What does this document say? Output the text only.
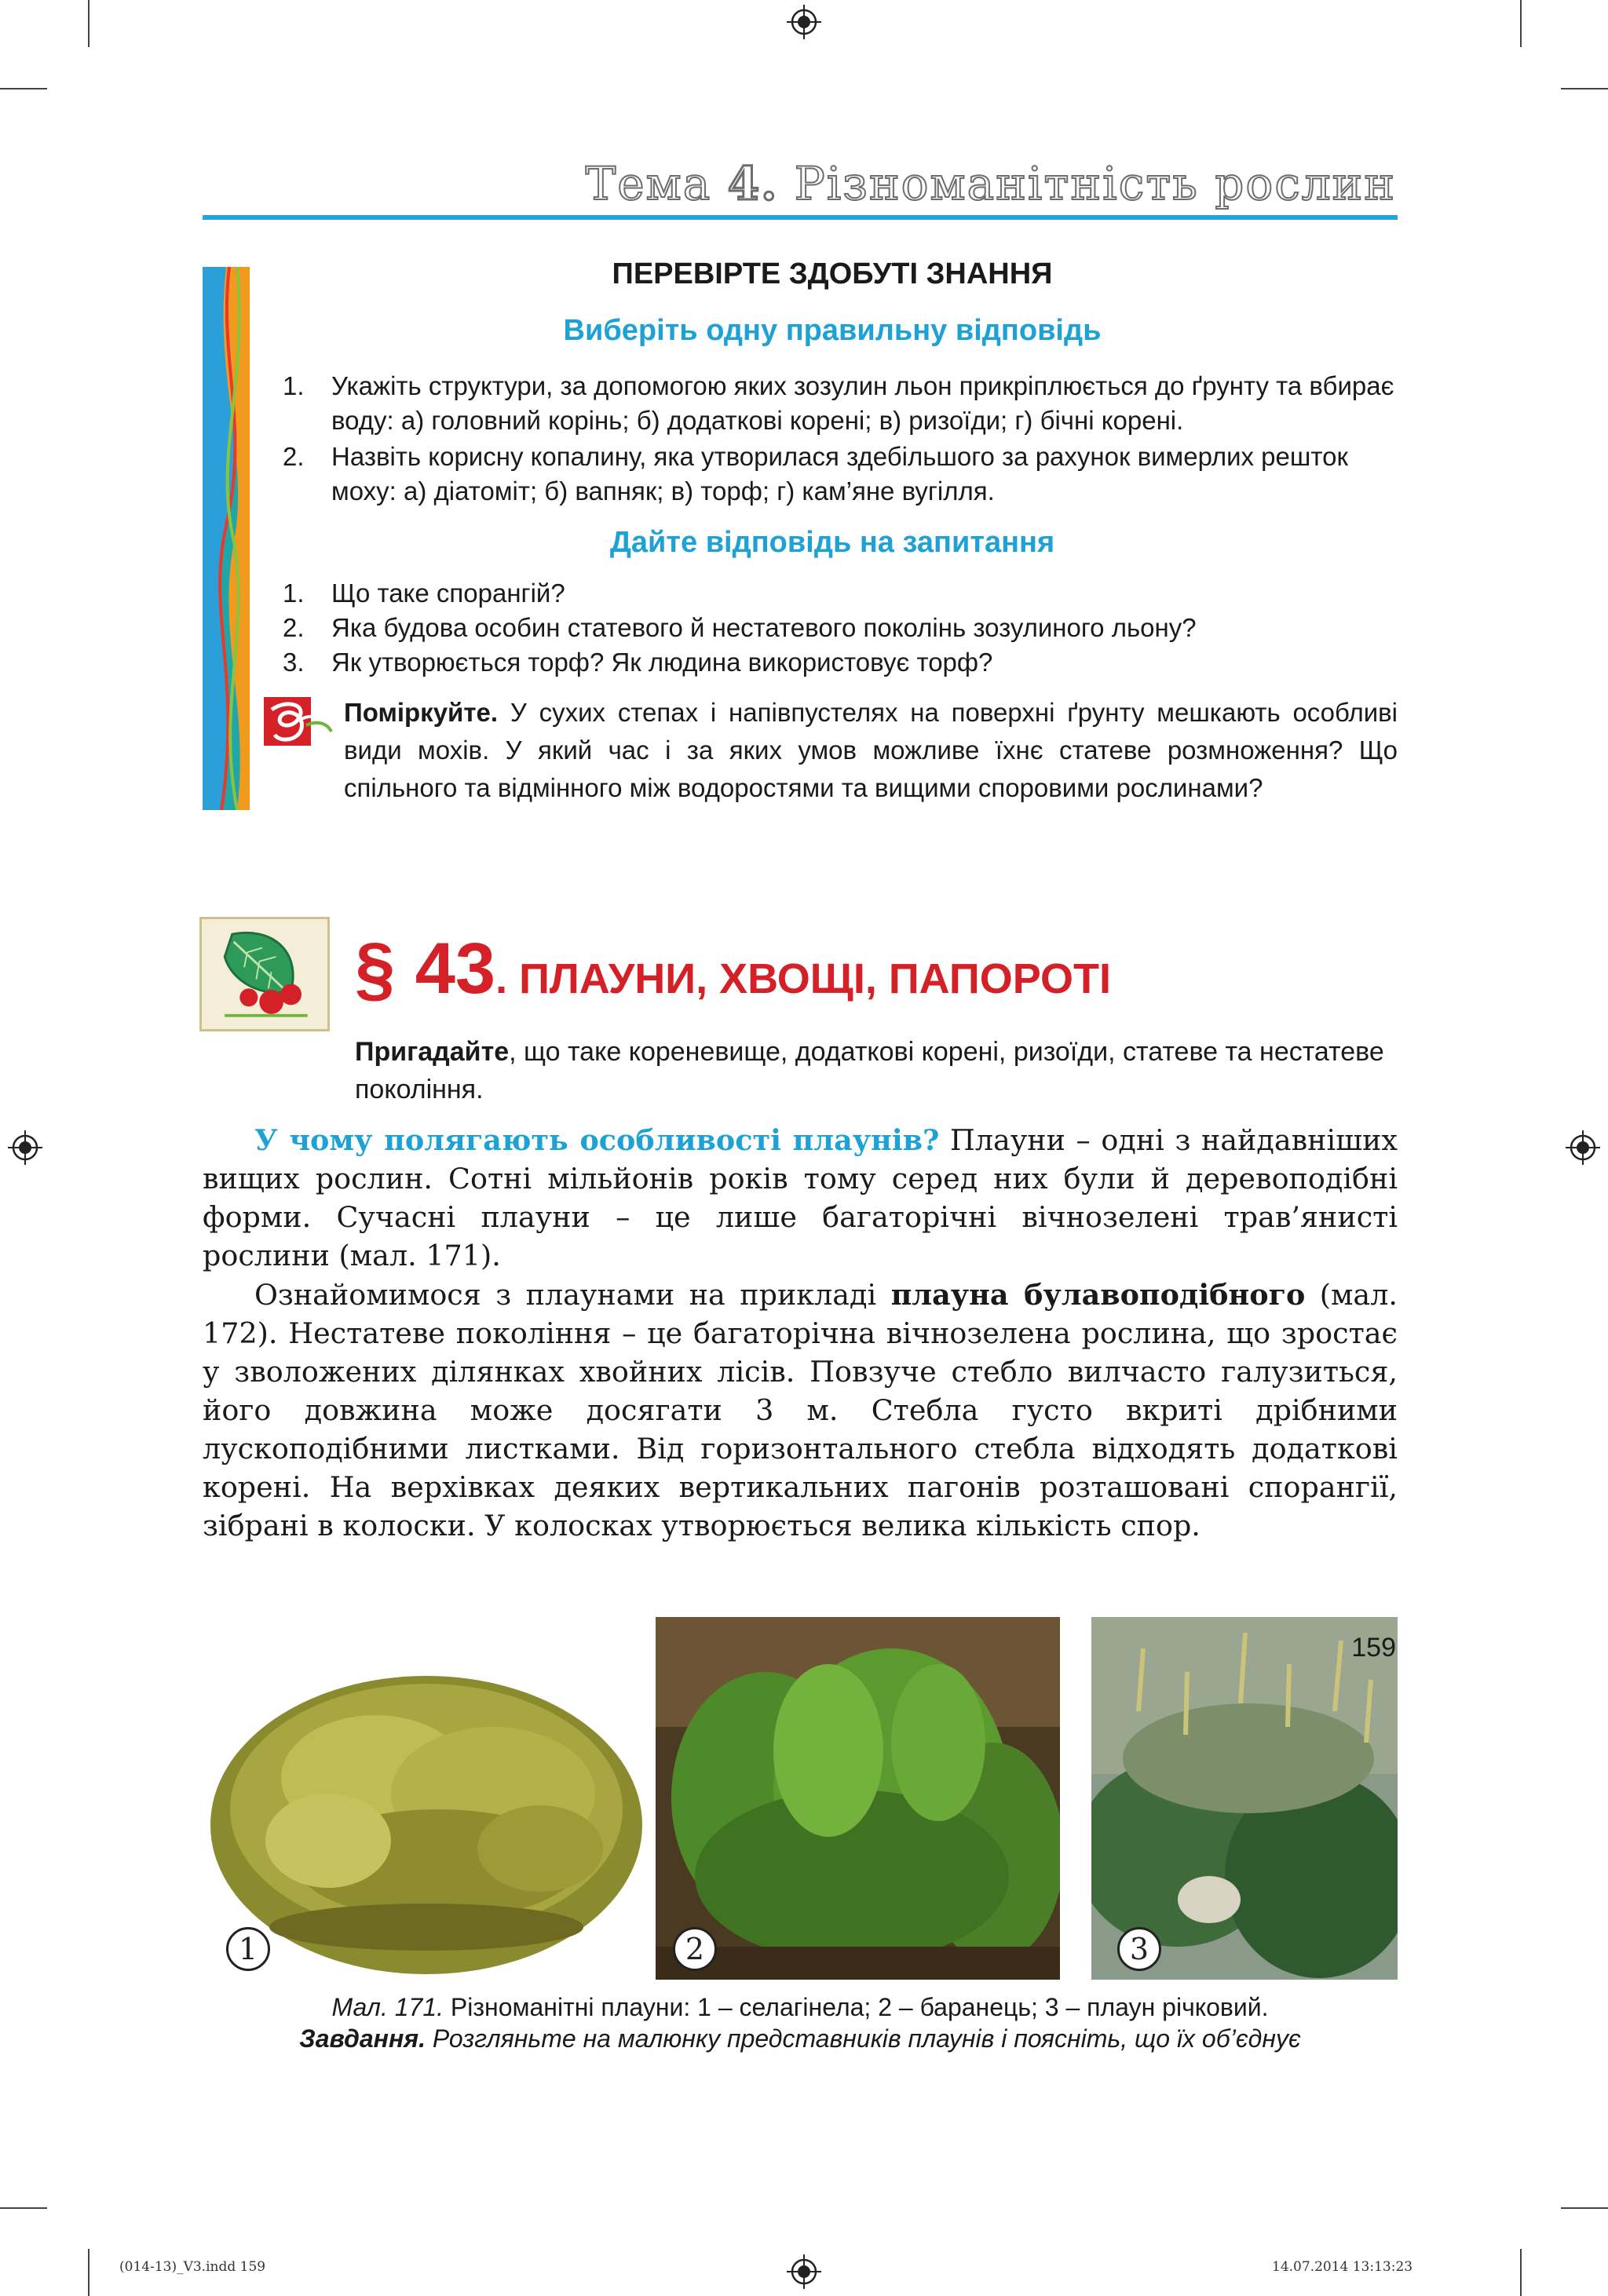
Тема 4. Різноманітність рослин
ПЕРЕВІРТЕ ЗДОБУТІ ЗНАННЯ
Виберіть одну правильну відповідь
1. Укажіть структури, за допомогою яких зозулин льон прикріплюється до ґрунту та вбирає воду: а) головний корінь; б) додаткові корені; в) ризоїди; г) бічні корені.
2. Назвіть корисну копалину, яка утворилася здебільшого за рахунок вимерлих решток моху: а) діатоміт; б) вапняк; в) торф; г) кам’яне вугілля.
Дайте відповідь на запитання
1. Що таке спорангій?
2. Яка будова особин статевого й нестатевого поколінь зозулиного льону?
3. Як утворюється торф? Як людина використовує торф?
Поміркуйте. У сухих степах і напівпустелях на поверхні ґрунту мешкають особливі види мохів. У який час і за яких умов можливе їхнє статеве розмноження? Що спільного та відмінного між водоростями та вищими споровими рослинами?
§ 43. ПЛАУНИ, ХВОЩІ, ПАПОРОТІ
Пригадайте, що таке кореневище, додаткові корені, ризоїди, статеве та нестатеве покоління.
У чому полягають особливості плаунів? Плауни – одні з найдавніших вищих рослин. Сотні мільйонів років тому серед них були й деревоподібні форми. Сучасні плауни – це лише багаторічні вічнозелені трав’янисті рослини (мал. 171).
Ознайомимося з плаунами на прикладі плауна булавоподібного (мал. 172). Нестатеве покоління – це багаторічна вічнозелена рослина, що зростає у зволожених ділянках хвойних лісів. Повзуче стебло вилчасто галузиться, його довжина може досягати 3 м. Стебла густо вкриті дрібними лускоподібними листками. Від горизонтального стебла відходять додаткові корені. На верхівках деяких вертикальних пагонів розташовані спорангії, зібрані в колоски. У колосках утворюється велика кількість спор.
1	2	3
Мал. 171. Різноманітні плауни: 1 – селагінела; 2 – баранець; 3 – плаун річковий.
Завдання. Розгляньте на малюнку представників плаунів і поясніть, що їх об’єднує
159
(014-13)_V3.indd 159	14.07.2014 13:13:23
